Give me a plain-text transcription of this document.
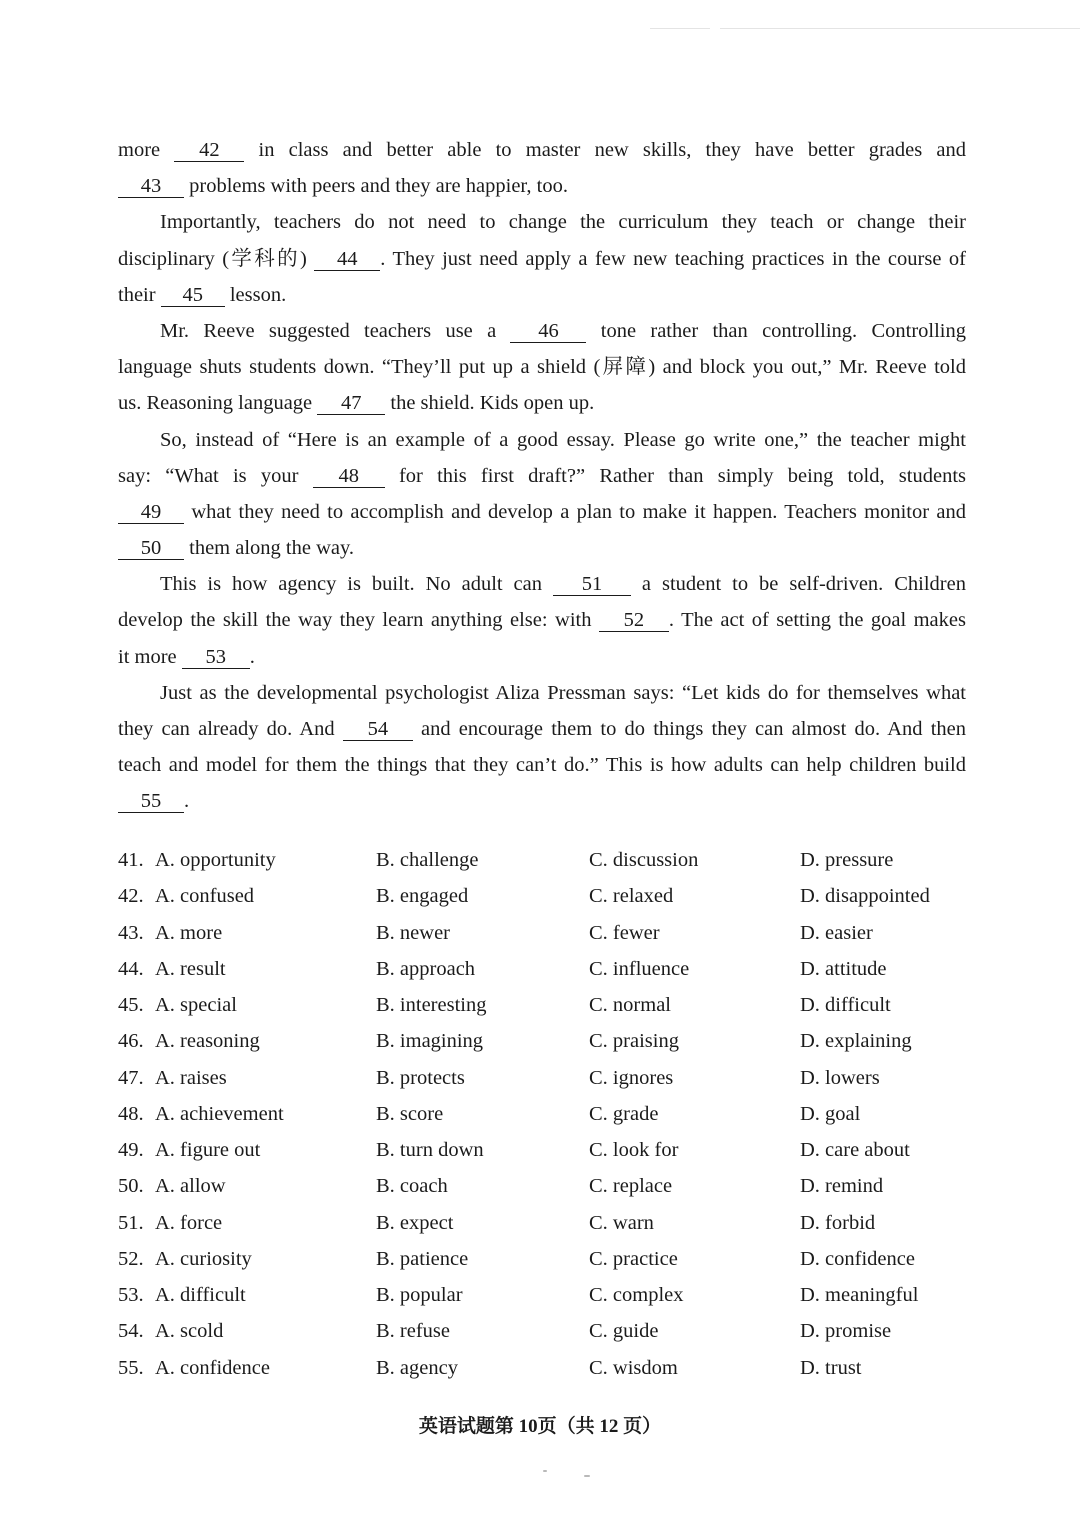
more 42 in class and better able to master new skills, they have better grades and
43 problems with peers and they are happier, too.
Importantly, teachers do not need to change the curriculum they teach or change their
disciplinary (学科的) 44 . They just need apply a few new teaching practices in the course of
their 45 lesson.
Mr. Reeve suggested teachers use a 46 tone rather than controlling. Controlling
language shuts students down. “They’ll put up a shield (屏障) and block you out,” Mr. Reeve told
us. Reasoning language 47 the shield. Kids open up.
So, instead of “Here is an example of a good essay. Please go write one,” the teacher might
say: “What is your 48 for this first draft?” Rather than simply being told, students
49 what they need to accomplish and develop a plan to make it happen. Teachers monitor and
50 them along the way.
This is how agency is built. No adult can 51 a student to be self-driven. Children
develop the skill the way they learn anything else: with 52 . The act of setting the goal makes
it more 53 .
Just as the developmental psychologist Aliza Pressman says: “Let kids do for themselves what
they can already do. And 54 and encourage them to do things they can almost do. And then
teach and model for them the things that they can’t do.” This is how adults can help children build
55 .
41. A. opportunity	B. challenge	C. discussion	D. pressure
42. A. confused	B. engaged	C. relaxed	D. disappointed
43. A. more	B. newer	C. fewer	D. easier
44. A. result	B. approach	C. influence	D. attitude
45. A. special	B. interesting	C. normal	D. difficult
46. A. reasoning	B. imagining	C. praising	D. explaining
47. A. raises	B. protects	C. ignores	D. lowers
48. A. achievement	B. score	C. grade	D. goal
49. A. figure out	B. turn down	C. look for	D. care about
50. A. allow	B. coach	C. replace	D. remind
51. A. force	B. expect	C. warn	D. forbid
52. A. curiosity	B. patience	C. practice	D. confidence
53. A. difficult	B. popular	C. complex	D. meaningful
54. A. scold	B. refuse	C. guide	D. promise
55. A. confidence	B. agency	C. wisdom	D. trust
英语试题第 10页（共 12 页）
